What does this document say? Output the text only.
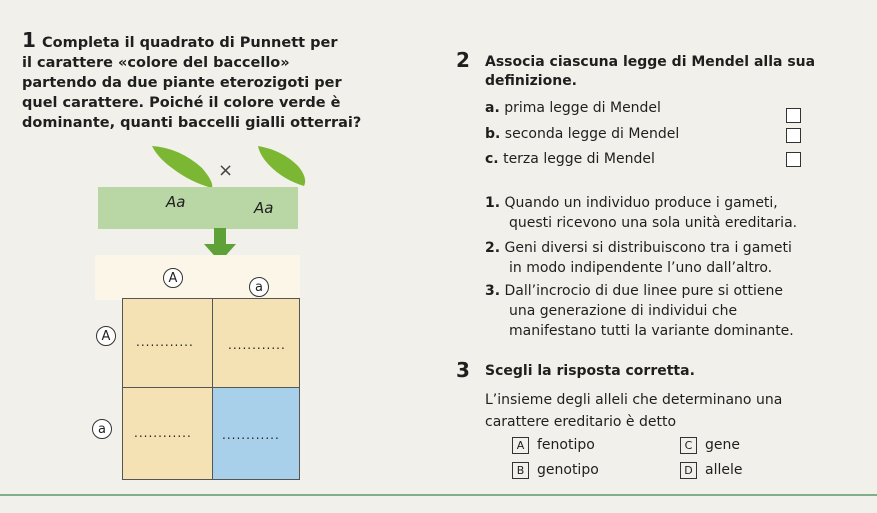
1 Completa il quadrato di Punnett per
il carattere «colore del baccello»
partendo da due piante eterozigoti per
quel carattere. Poiché il colore verde è
dominante, quanti baccelli gialli otterrai?
×
Aa	Aa
A
a
A
a
............	............
............	............
2 Associa ciascuna legge di Mendel alla sua
definizione.
a. prima legge di Mendel
b. seconda legge di Mendel
c. terza legge di Mendel
1. Quando un individuo produce i gameti,
questi ricevono una sola unità ereditaria.
2. Geni diversi si distribuiscono tra i gameti
in modo indipendente l’uno dall’altro.
3. Dall’incrocio di due linee pure si ottiene
una generazione di individui che
manifestano tutti la variante dominante.
3 Scegli la risposta corretta.
L’insieme degli alleli che determinano una
carattere ereditario è detto
A fenotipo
B genotipo
C gene
D allele
